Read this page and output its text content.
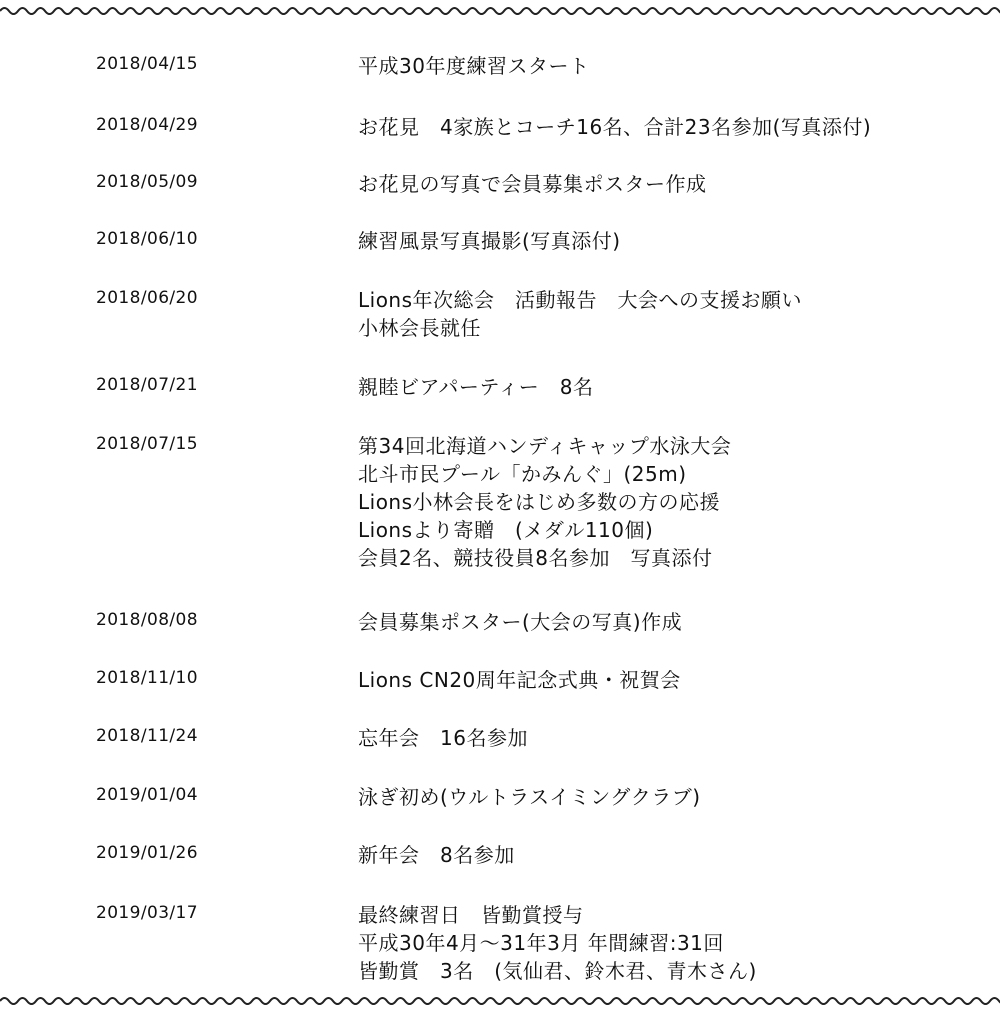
2018/04/15	平成30年度練習スタート
2018/04/29	お花見　4家族とコーチ16名、合計23名参加(写真添付)
2018/05/09	お花見の写真で会員募集ポスター作成
2018/06/10	練習風景写真撮影(写真添付)
2018/06/20	Lions年次総会　活動報告　大会への支援お願い
小林会長就任
2018/07/21	親睦ビアパーティー　8名
2018/07/15	第34回北海道ハンディキャップ水泳大会
北斗市民プール「かみんぐ」(25m)
Lions小林会長をはじめ多数の方の応援
Lionsより寄贈　(メダル110個)
会員2名、競技役員8名参加　写真添付
2018/08/08	会員募集ポスター(大会の写真)作成
2018/11/10	Lions CN20周年記念式典・祝賀会
2018/11/24	忘年会　16名参加
2019/01/04	泳ぎ初め(ウルトラスイミングクラブ)
2019/01/26	新年会　8名参加
2019/03/17	最終練習日　皆勤賞授与
平成30年4月～31年3月 年間練習:31回
皆勤賞　3名　(気仙君、鈴木君、青木さん)
